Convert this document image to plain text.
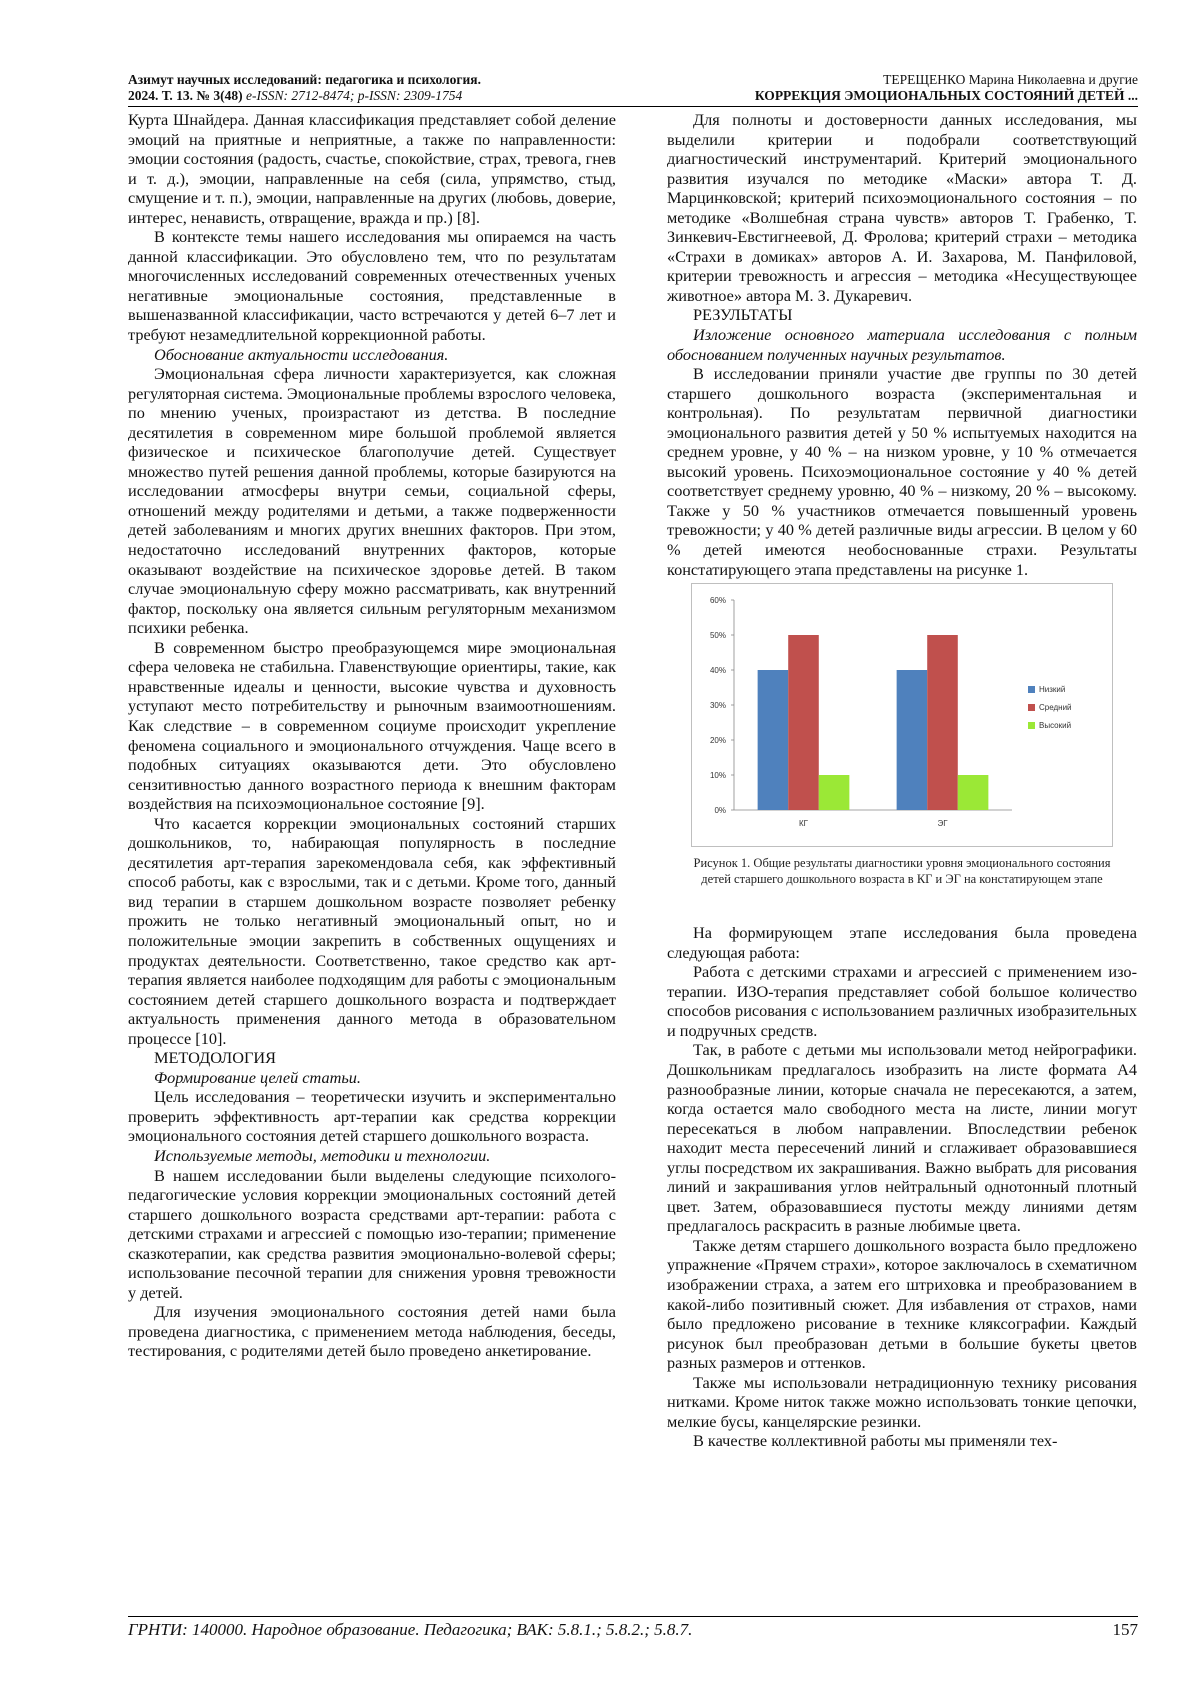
Азимут научных исследований: педагогика и психология.
2024. Т. 13. № 3(48) e-ISSN: 2712-8474; p-ISSN: 2309-1754
ТЕРЕЩЕНКО Марина Николаевна и другие
КОРРЕКЦИЯ ЭМОЦИОНАЛЬНЫХ СОСТОЯНИЙ ДЕТЕЙ ...

Курта Шнайдера. Данная классификация представляет собой деление эмоций на приятные и неприятные, а также по направленности: эмоции состояния (радость, счастье, спокойствие, страх, тревога, гнев и т. д.), эмоции, направленные на себя (сила, упрямство, стыд, смущение и т. п.), эмоции, направленные на других (любовь, доверие, интерес, ненависть, отвращение, вражда и пр.) [8].

В контексте темы нашего исследования мы опираемся на часть данной классификации. Это обусловлено тем, что по результатам многочисленных исследований современных отечественных ученых негативные эмоциональные состояния, представленные в вышеназванной классификации, часто встречаются у детей 6–7 лет и требуют незамедлительной коррекционной работы.

Обоснование актуальности исследования.

Эмоциональная сфера личности характеризуется, как сложная регуляторная система. Эмоциональные проблемы взрослого человека, по мнению ученых, произрастают из детства. В последние десятилетия в современном мире большой проблемой является физическое и психическое благополучие детей. Существует множество путей решения данной проблемы, которые базируются на исследовании атмосферы внутри семьи, социальной сферы, отношений между родителями и детьми, а также подверженности детей заболеваниям и многих других внешних факторов. При этом, недостаточно исследований внутренних факторов, которые оказывают воздействие на психическое здоровье детей. В таком случае эмоциональную сферу можно рассматривать, как внутренний фактор, поскольку она является сильным регуляторным механизмом психики ребенка.

В современном быстро преобразующемся мире эмоциональная сфера человека не стабильна. Главенствующие ориентиры, такие, как нравственные идеалы и ценности, высокие чувства и духовность уступают место потребительству и рыночным взаимоотношениям. Как следствие – в современном социуме происходит укрепление феномена социального и эмоционального отчуждения. Чаще всего в подобных ситуациях оказываются дети. Это обусловлено сензитивностью данного возрастного периода к внешним факторам воздействия на психоэмоциональное состояние [9].

Что касается коррекции эмоциональных состояний старших дошкольников, то, набирающая популярность в последние десятилетия арт-терапия зарекомендовала себя, как эффективный способ работы, как с взрослыми, так и с детьми. Кроме того, данный вид терапии в старшем дошкольном возрасте позволяет ребенку прожить не только негативный эмоциональный опыт, но и положительные эмоции закрепить в собственных ощущениях и продуктах деятельности. Соответственно, такое средство как арт-терапия является наиболее подходящим для работы с эмоциональным состоянием детей старшего дошкольного возраста и подтверждает актуальность применения данного метода в образовательном процессе [10].

МЕТОДОЛОГИЯ

Формирование целей статьи.

Цель исследования – теоретически изучить и экспериментально проверить эффективность арт-терапии как средства коррекции эмоционального состояния детей старшего дошкольного возраста.

Используемые методы, методики и технологии.

В нашем исследовании были выделены следующие психолого-педагогические условия коррекции эмоциональных состояний детей старшего дошкольного возраста средствами арт-терапии: работа с детскими страхами и агрессией с помощью изо-терапии; применение сказкотерапии, как средства развития эмоционально-волевой сферы; использование песочной терапии для снижения уровня тревожности у детей.

Для изучения эмоционального состояния детей нами была проведена диагностика, с применением метода наблюдения, беседы, тестирования, с родителями детей было проведено анкетирование.

Для полноты и достоверности данных исследования, мы выделили критерии и подобрали соответствующий диагностический инструментарий. Критерий эмоционального развития изучался по методике «Маски» автора Т. Д. Марцинковской; критерий психоэмоционального состояния – по методике «Волшебная страна чувств» авторов Т. Грабенко, Т. Зинкевич-Евстигнеевой, Д. Фролова; критерий страхи – методика «Страхи в домиках» авторов А. И. Захарова, М. Панфиловой, критерии тревожность и агрессия – методика «Несуществующее животное» автора М. З. Дукаревич.

РЕЗУЛЬТАТЫ

Изложение основного материала исследования с полным обоснованием полученных научных результатов.

В исследовании приняли участие две группы по 30 детей старшего дошкольного возраста (экспериментальная и контрольная). По результатам первичной диагностики эмоционального развития детей у 50 % испытуемых находится на среднем уровне, у 40 % – на низком уровне, у 10 % отмечается высокий уровень. Психоэмоциональное состояние у 40 % детей соответствует среднему уровню, 40 % – низкому, 20 % – высокому. Также у 50 % участников отмечается повышенный уровень тревожности; у 40 % детей различные виды агрессии. В целом у 60 % детей имеются необоснованные страхи. Результаты констатирующего этапа представлены на рисунке 1.

0%
10%
20%
30%
40%
50%
60%
КГ	ЭГ
Низкий
Средний
Высокий
Рисунок 1. Общие результаты диагностики уровня эмоционального состояния детей старшего дошкольного возраста в КГ и ЭГ на констатирующем этапе

На формирующем этапе исследования была проведена следующая работа:

Работа с детскими страхами и агрессией с применением изо-терапии. ИЗО-терапия представляет собой большое количество способов рисования с использованием различных изобразительных и подручных средств.

Так, в работе с детьми мы использовали метод нейрографики. Дошкольникам предлагалось изобразить на листе формата А4 разнообразные линии, которые сначала не пересекаются, а затем, когда остается мало свободного места на листе, линии могут пересекаться в любом направлении. Впоследствии ребенок находит места пересечений линий и сглаживает образовавшиеся углы посредством их закрашивания. Важно выбрать для рисования линий и закрашивания углов нейтральный однотонный плотный цвет. Затем, образовавшиеся пустоты между линиями детям предлагалось раскрасить в разные любимые цвета.

Также детям старшего дошкольного возраста было предложено упражнение «Прячем страхи», которое заключалось в схематичном изображении страха, а затем его штриховка и преобразованием в какой-либо позитивный сюжет. Для избавления от страхов, нами было предложено рисование в технике кляксографии. Каждый рисунок был преобразован детьми в большие букеты цветов разных размеров и оттенков.

Также мы использовали нетрадиционную технику рисования нитками. Кроме ниток также можно использовать тонкие цепочки, мелкие бусы, канцелярские резинки.

В качестве коллективной работы мы применяли тех-

ГРНТИ: 140000. Народное образование. Педагогика; ВАК: 5.8.1.; 5.8.2.; 5.8.7.	157
